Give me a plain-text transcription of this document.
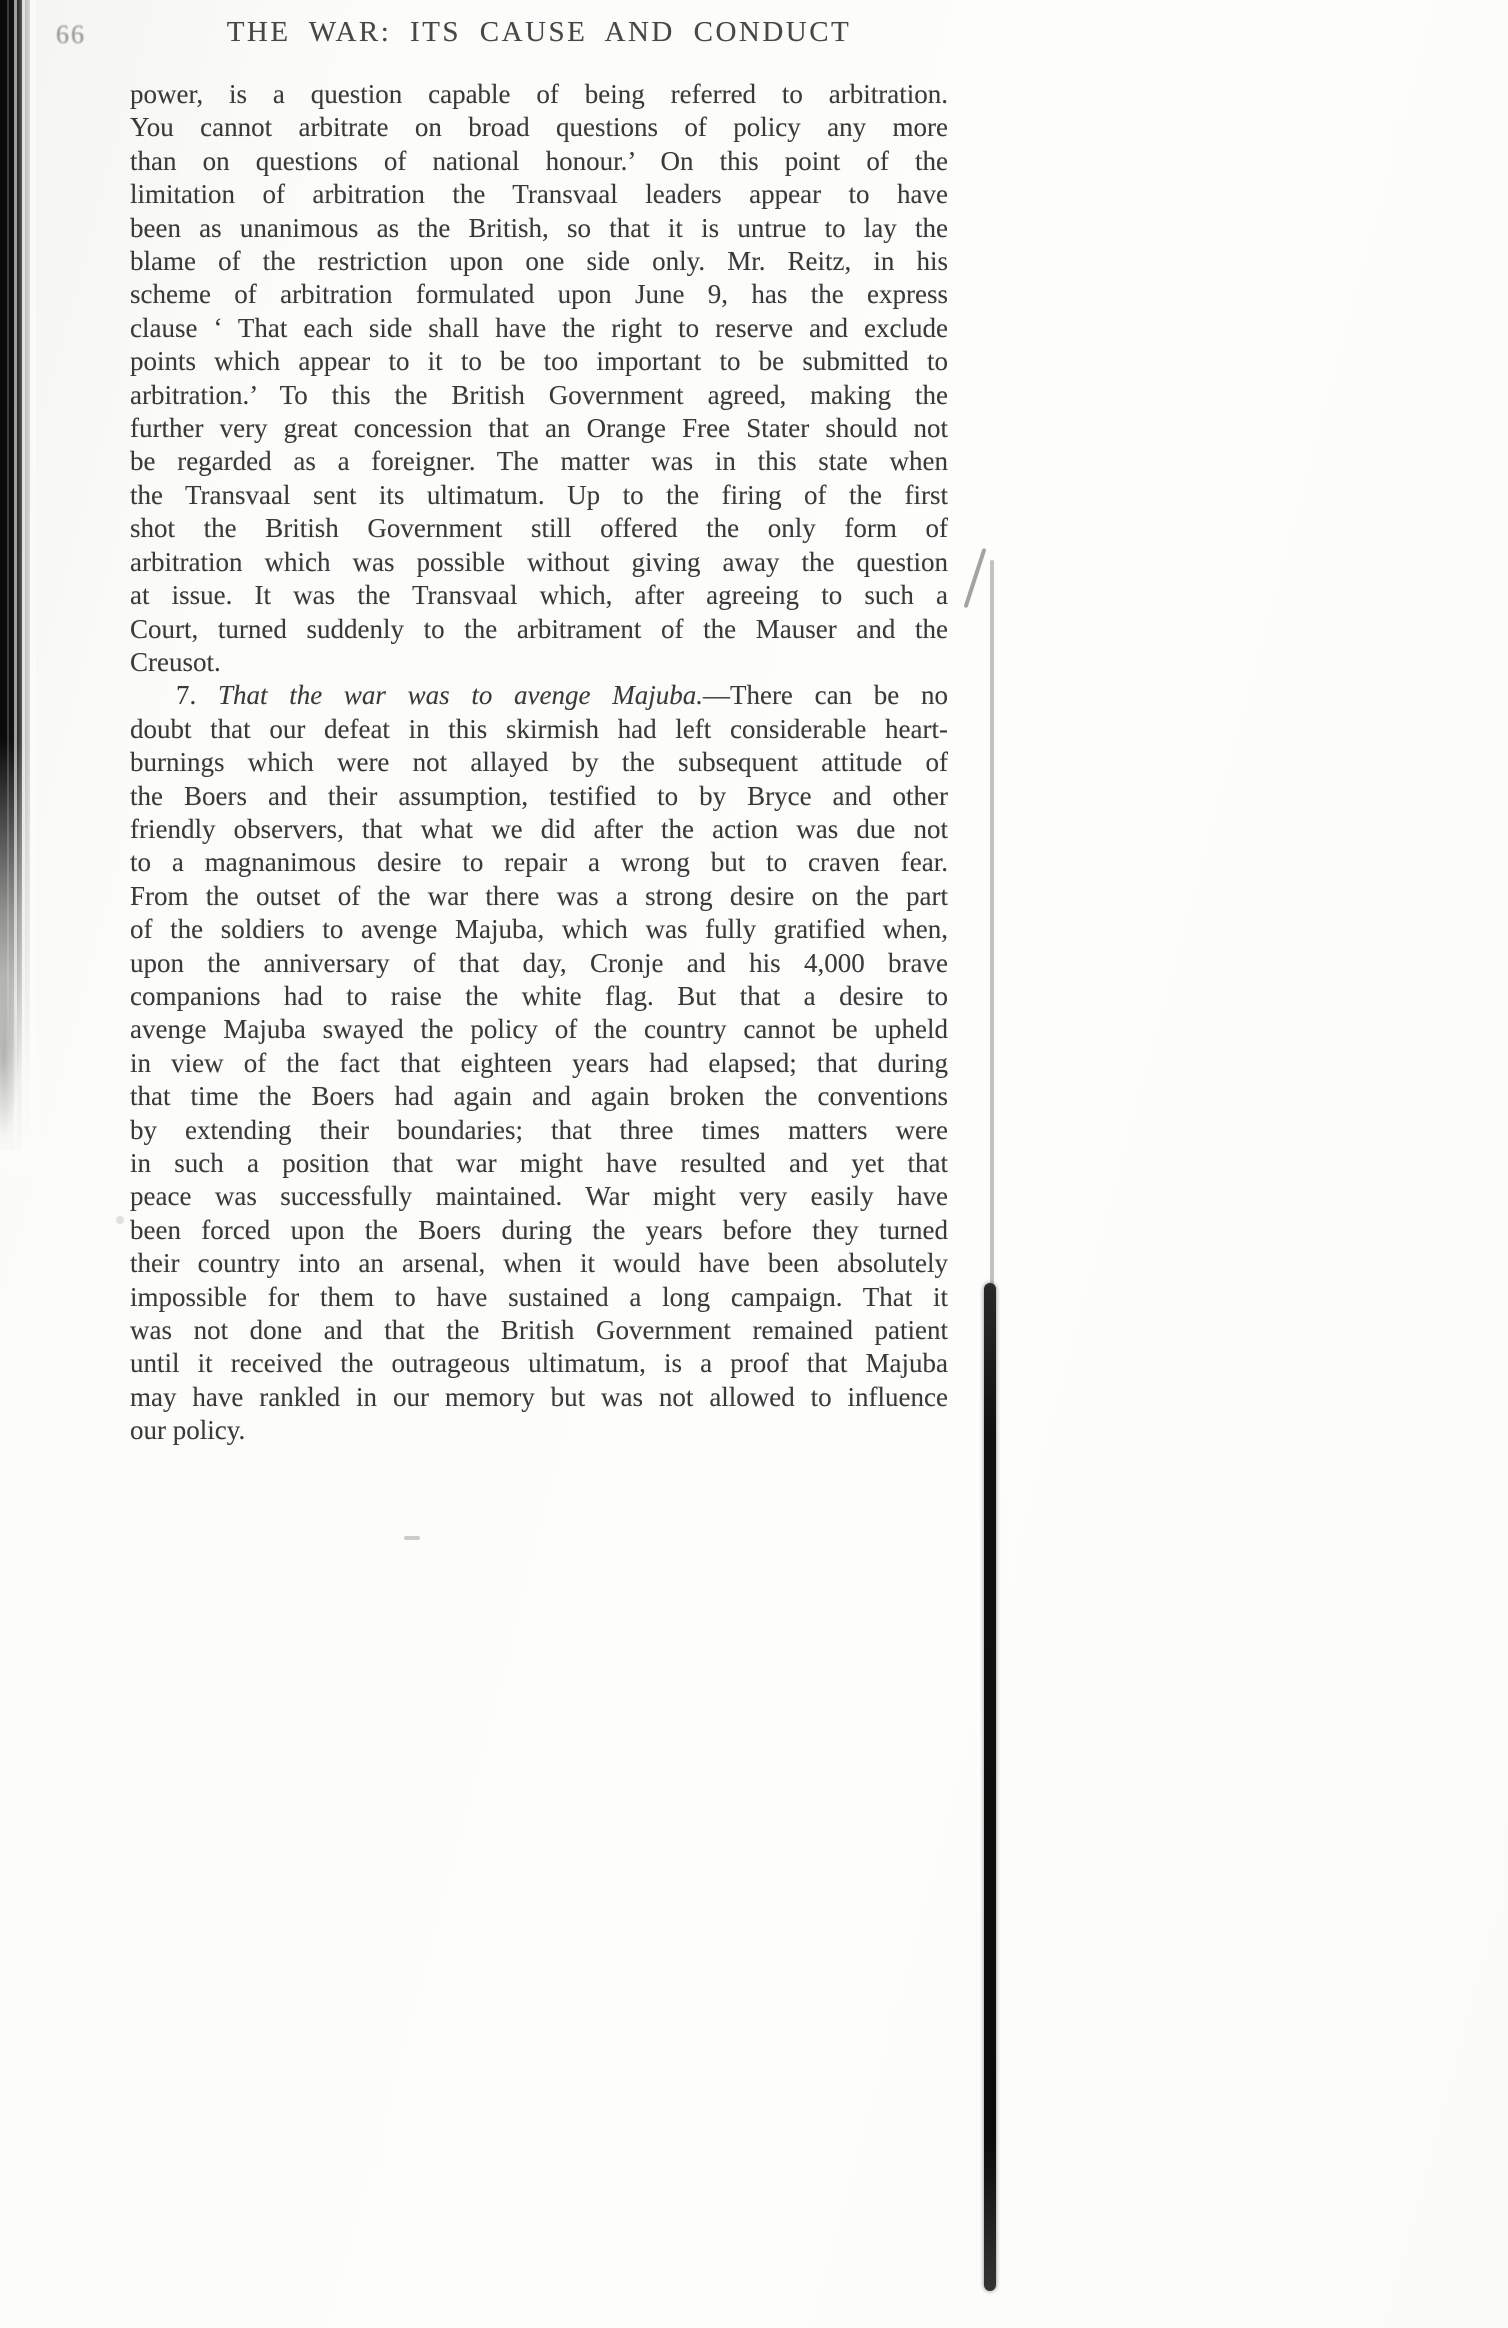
66	THE WAR: ITS CAUSE AND CONDUCT
power, is a question capable of being referred to arbitration.
You cannot arbitrate on broad questions of policy any more
than on questions of national honour.’ On this point of the
limitation of arbitration the Transvaal leaders appear to have
been as unanimous as the British, so that it is untrue to lay the
blame of the restriction upon one side only. Mr. Reitz, in his
scheme of arbitration formulated upon June 9, has the express
clause ‘ That each side shall have the right to reserve and exclude
points which appear to it to be too important to be submitted to
arbitration.’ To this the British Government agreed, making the
further very great concession that an Orange Free Stater should not
be regarded as a foreigner. The matter was in this state when
the Transvaal sent its ultimatum. Up to the firing of the first
shot the British Government still offered the only form of
arbitration which was possible without giving away the question
at issue. It was the Transvaal which, after agreeing to such a
Court, turned suddenly to the arbitrament of the Mauser and the
Creusot.
7. That the war was to avenge Majuba.—There can be no
doubt that our defeat in this skirmish had left considerable heart-
burnings which were not allayed by the subsequent attitude of
the Boers and their assumption, testified to by Bryce and other
friendly observers, that what we did after the action was due not
to a magnanimous desire to repair a wrong but to craven fear.
From the outset of the war there was a strong desire on the part
of the soldiers to avenge Majuba, which was fully gratified when,
upon the anniversary of that day, Cronje and his 4,000 brave
companions had to raise the white flag. But that a desire to
avenge Majuba swayed the policy of the country cannot be upheld
in view of the fact that eighteen years had elapsed; that during
that time the Boers had again and again broken the conventions
by extending their boundaries; that three times matters were
in such a position that war might have resulted and yet that
peace was successfully maintained. War might very easily have
been forced upon the Boers during the years before they turned
their country into an arsenal, when it would have been absolutely
impossible for them to have sustained a long campaign. That it
was not done and that the British Government remained patient
until it received the outrageous ultimatum, is a proof that Majuba
may have rankled in our memory but was not allowed to influence
our policy.
